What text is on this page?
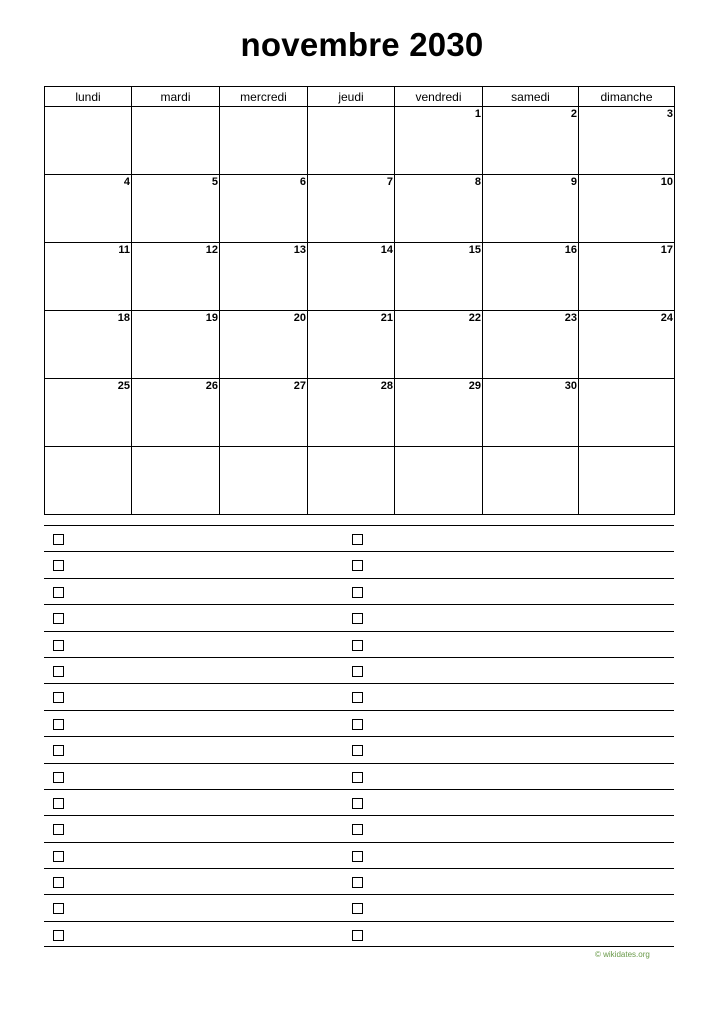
novembre 2030
lundi	mardi	mercredi	jeudi	vendredi	samedi	dimanche

				1	2	3

4	5	6	7	8	9	10

11	12	13	14	15	16	17

18	19	20	21	22	23	24

25	26	27	28	29	30	

© wikidates.org
